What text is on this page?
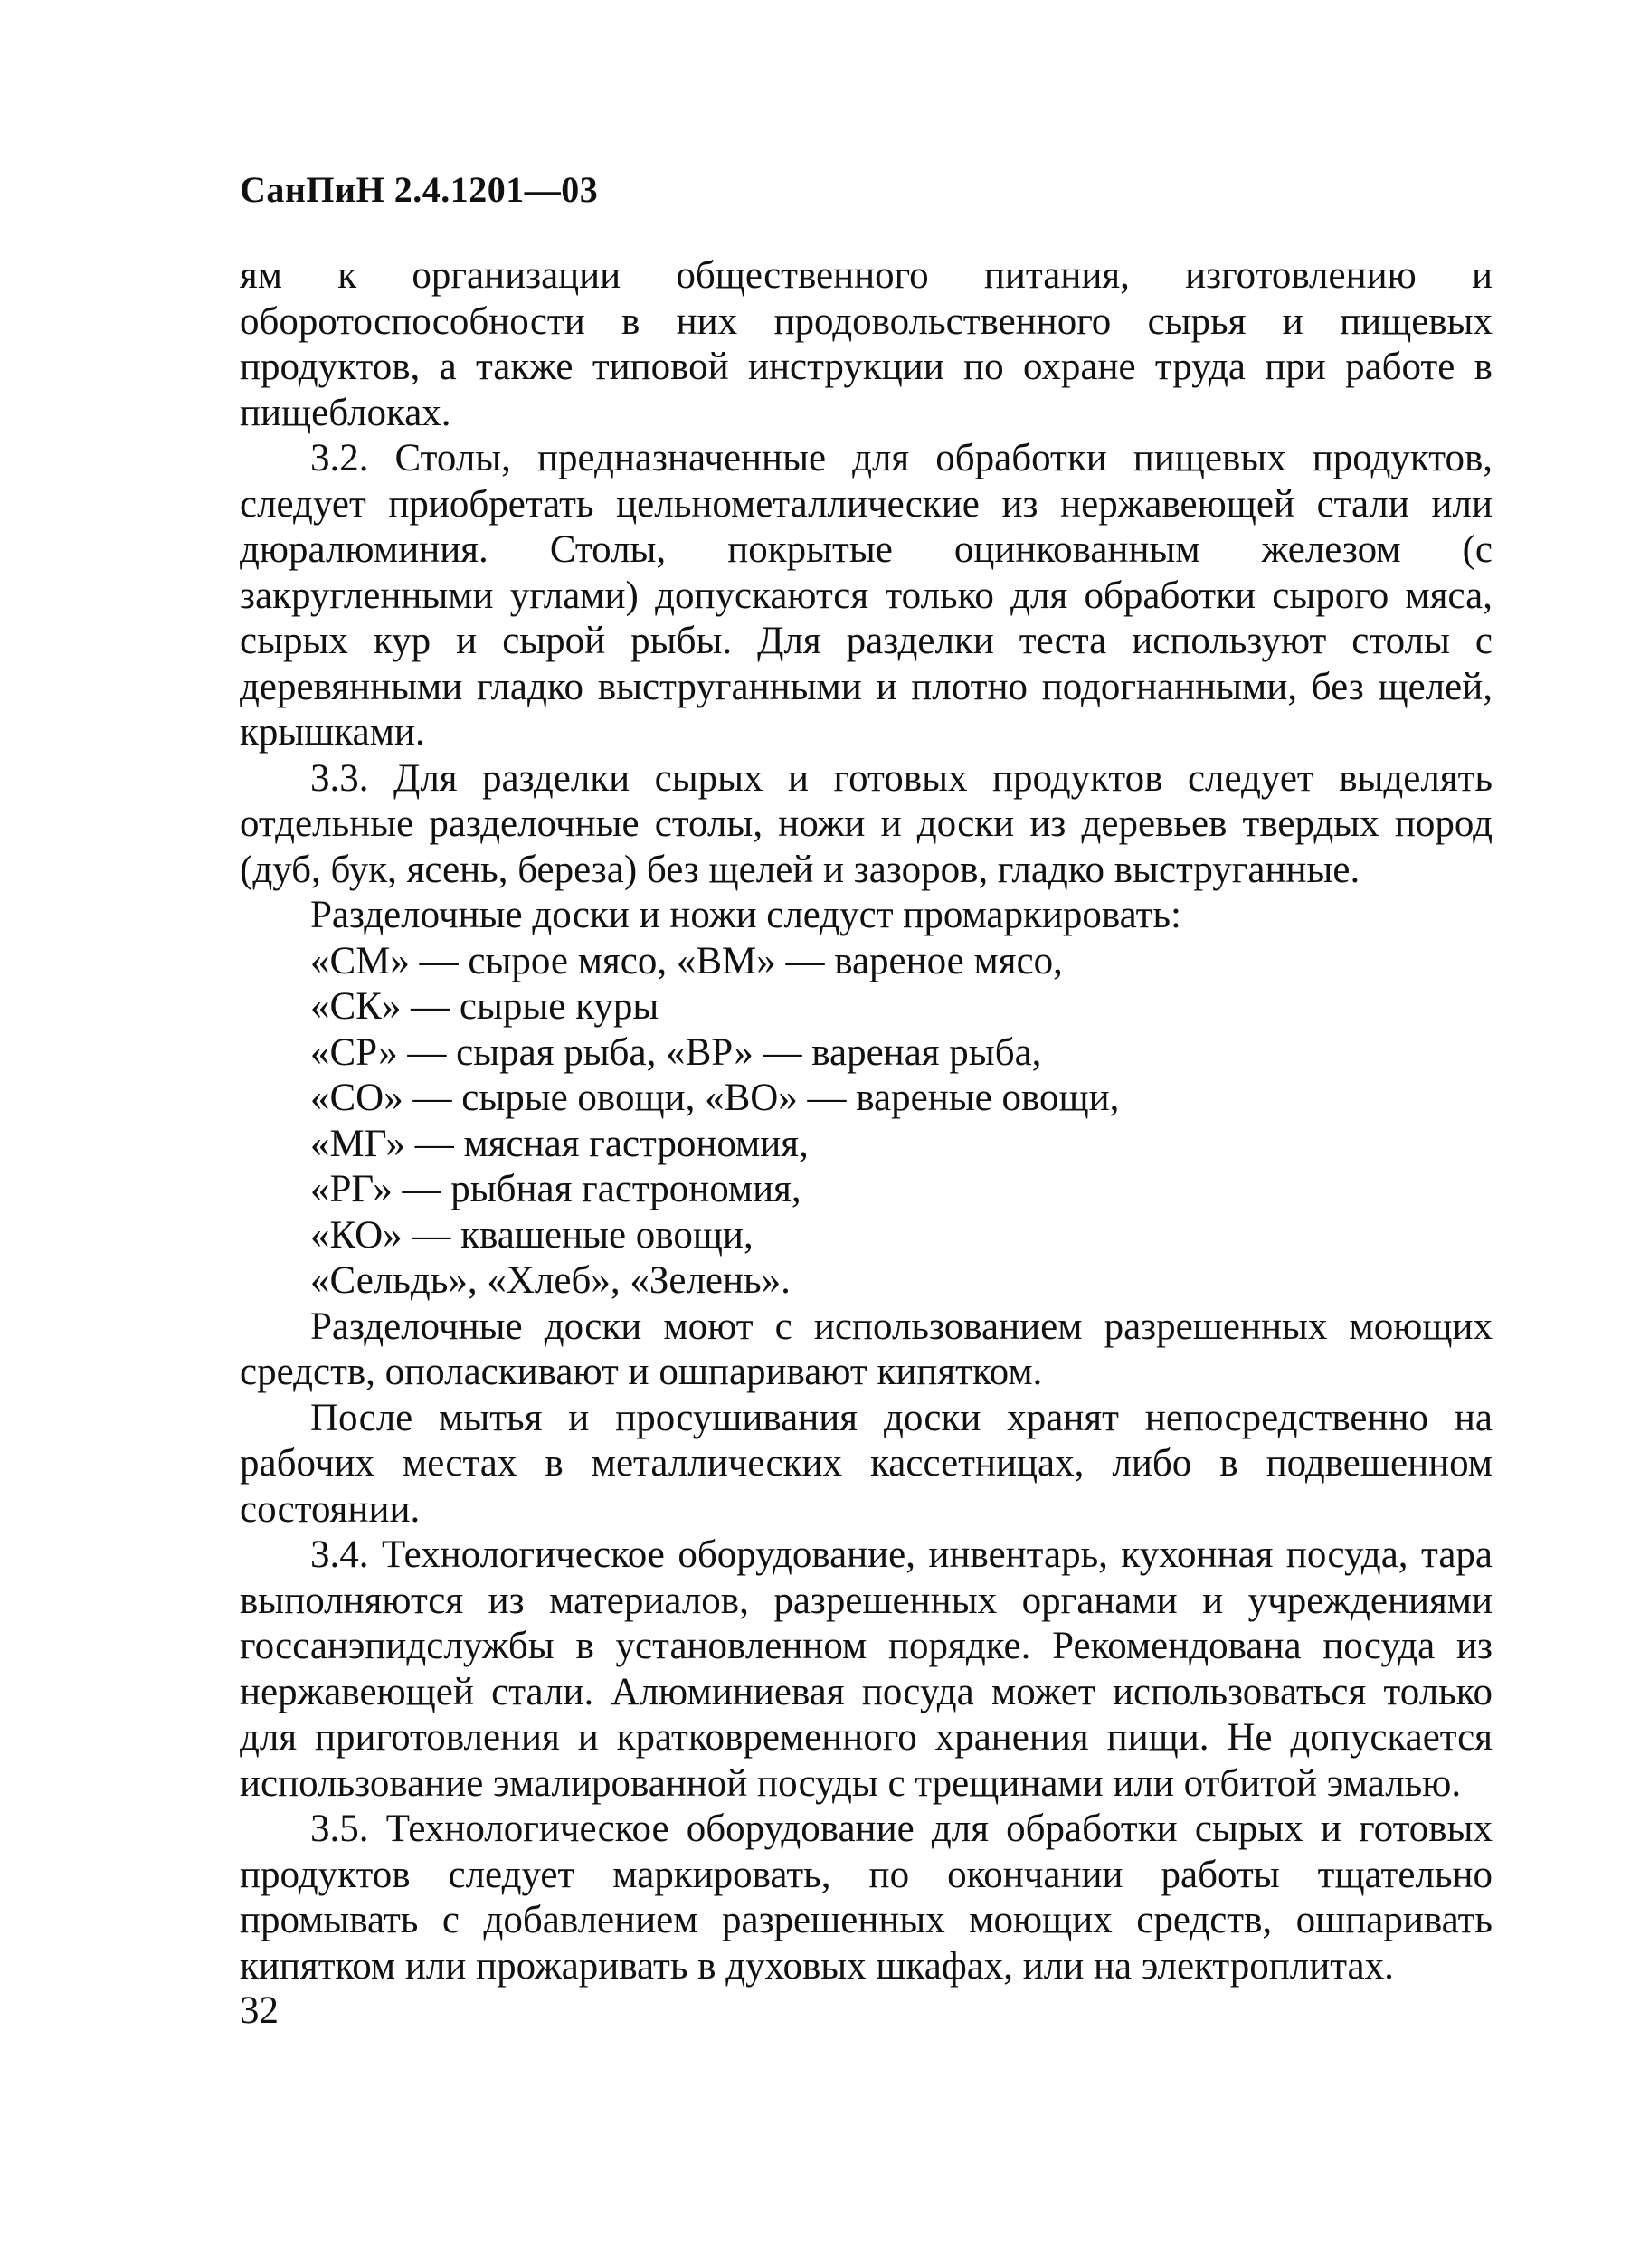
СанПиН 2.4.1201—03

ям к организации общественного питания, изготовлению и оборотоспособности в них продовольственного сырья и пищевых продуктов, а также типовой инструкции по охране труда при работе в пищеблоках.

3.2. Столы, предназначенные для обработки пищевых продуктов, следует приобретать цельнометаллические из нержавеющей стали или дюралюминия. Столы, покрытые оцинкованным железом (с закругленными углами) допускаются только для обработки сырого мяса, сырых кур и сырой рыбы. Для разделки теста используют столы с деревянными гладко выструганными и плотно подогнанными, без щелей, крышками.

3.3. Для разделки сырых и готовых продуктов следует выделять отдельные разделочные столы, ножи и доски из деревьев твердых пород (дуб, бук, ясень, береза) без щелей и зазоров, гладко выструганные.

Разделочные доски и ножи следуст промаркировать:

«СМ» — сырое мясо, «ВМ» — вареное мясо,
«СК» — сырые куры
«СР» — сырая рыба, «ВР» — вареная рыба,
«СО» — сырые овощи, «ВО» — вареные овощи,
«МГ» — мясная гастрономия,
«РГ» — рыбная гастрономия,
«КО» — квашеные овощи,
«Сельдь», «Хлеб», «Зелень».

Разделочные доски моют с использованием разрешенных моющих средств, ополаскивают и ошпаривают кипятком.

После мытья и просушивания доски хранят непосредственно на рабочих местах в металлических кассетницах, либо в подвешенном состоянии.

3.4. Технологическое оборудование, инвентарь, кухонная посуда, тара выполняются из материалов, разрешенных органами и учреждениями госсанэпидслужбы в установленном порядке. Рекомендована посуда из нержавеющей стали. Алюминиевая посуда может использоваться только для приготовления и кратковременного хранения пищи. Не допускается использование эмалированной посуды с трещинами или отбитой эмалью.

3.5. Технологическое оборудование для обработки сырых и готовых продуктов следует маркировать, по окончании работы тщательно промывать с добавлением разрешенных моющих средств, ошпаривать кипятком или прожаривать в духовых шкафах, или на электроплитах.

32
